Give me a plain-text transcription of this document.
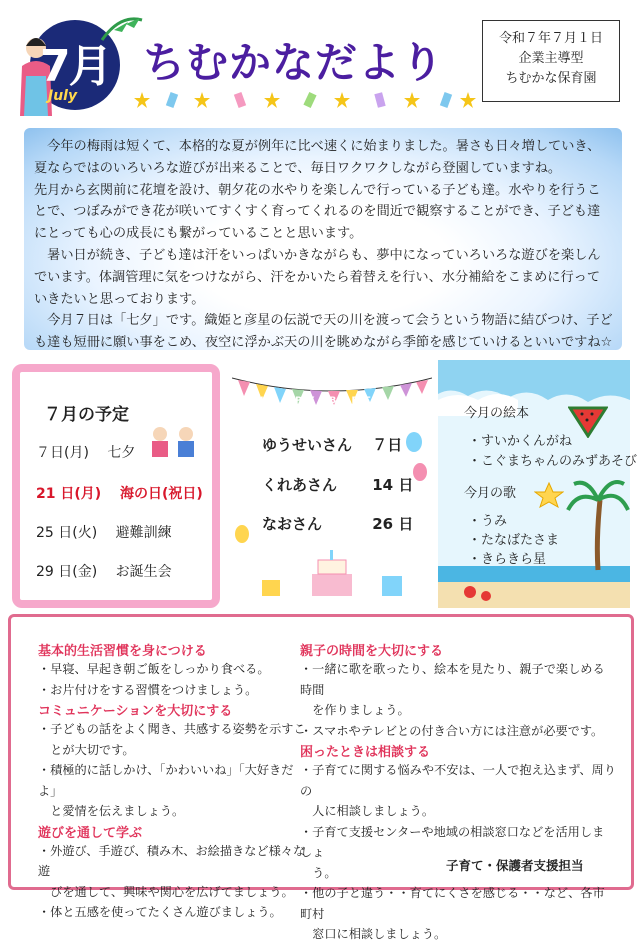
7月
July
ちむかなだより	令和７年７月１日
企業主導型
ちむかな保育園

　今年の梅雨は短くて、本格的な夏が例年に比べ速くに始まりました。暑さも日々増していき、

夏ならではのいろいろな遊びが出来ることで、毎日ワクワクしながら登園していますね。

先月から玄関前に花壇を設け、朝夕花の水やりを楽しんで行っている子ども達。水やりを行うこ

とで、つぼみができ花が咲いてすくすく育ってくれるのを間近で観察することができ、子ども達

にとっても心の成長にも繋がっていることと思います。

　暑い日が続き、子ども達は汗をいっぱいかきながらも、夢中になっていろいろな遊びを楽しん

でいます。体調管理に気をつけながら、汗をかいたら着替えを行い、水分補給をこまめに行って

いきたいと思っております。

　今月７日は「七夕」です。織姫と彦星の伝説で天の川を渡って会うという物語に結びつけ、子ど

も達も短冊に願い事をこめ、夜空に浮かぶ天の川を眺めながら季節を感じていけるといいですね☆

７月の予定
７日(月)　 七夕
21 日(月)　 海の日(祝日)
25 日(火)　 避難訓練
29 日(金)　 お誕生会
HAPPY BIRTHDAY
ゆうせいさん　 ７日
くれあさん　　 14 日
なおさん　　　	26 日
今月の絵本
・すいかくんがね
・こぐまちゃんのみずあそび
今月の歌
・うみ
・たなばたさま
・きらきら星
基本的生活習慣を身につける
・早寝、早起き朝ご飯をしっかり食べる。
・お片付けをする習慣をつけましょう。
コミュニケーションを大切にする
・子どもの話をよく聞き、共感する姿勢を示すこ
　とが大切です。
・積極的に話しかけ、「かわいいね」「大好きだよ」
　と愛情を伝えましょう。
遊びを通して学ぶ
・外遊び、手遊び、積み木、お絵描きなど様々な遊
　びを通して、興味や関心を広げてましょう。
・体と五感を使ってたくさん遊びましょう。
親子の時間を大切にする
・一緒に歌を歌ったり、絵本を見たり、親子で楽しめる時間
　を作りましょう。
・スマホやテレビとの付き合い方には注意が必要です。
困ったときは相談する
・子育てに関する悩みや不安は、一人で抱え込まず、周りの
　人に相談しましょう。
・子育て支援センターや地域の相談窓口などを活用しましょ
　う。
・他の子と違う・・育てにくさを感じる・・など、各市町村
　窓口に相談しましょう。
子育て・保護者支援担当
